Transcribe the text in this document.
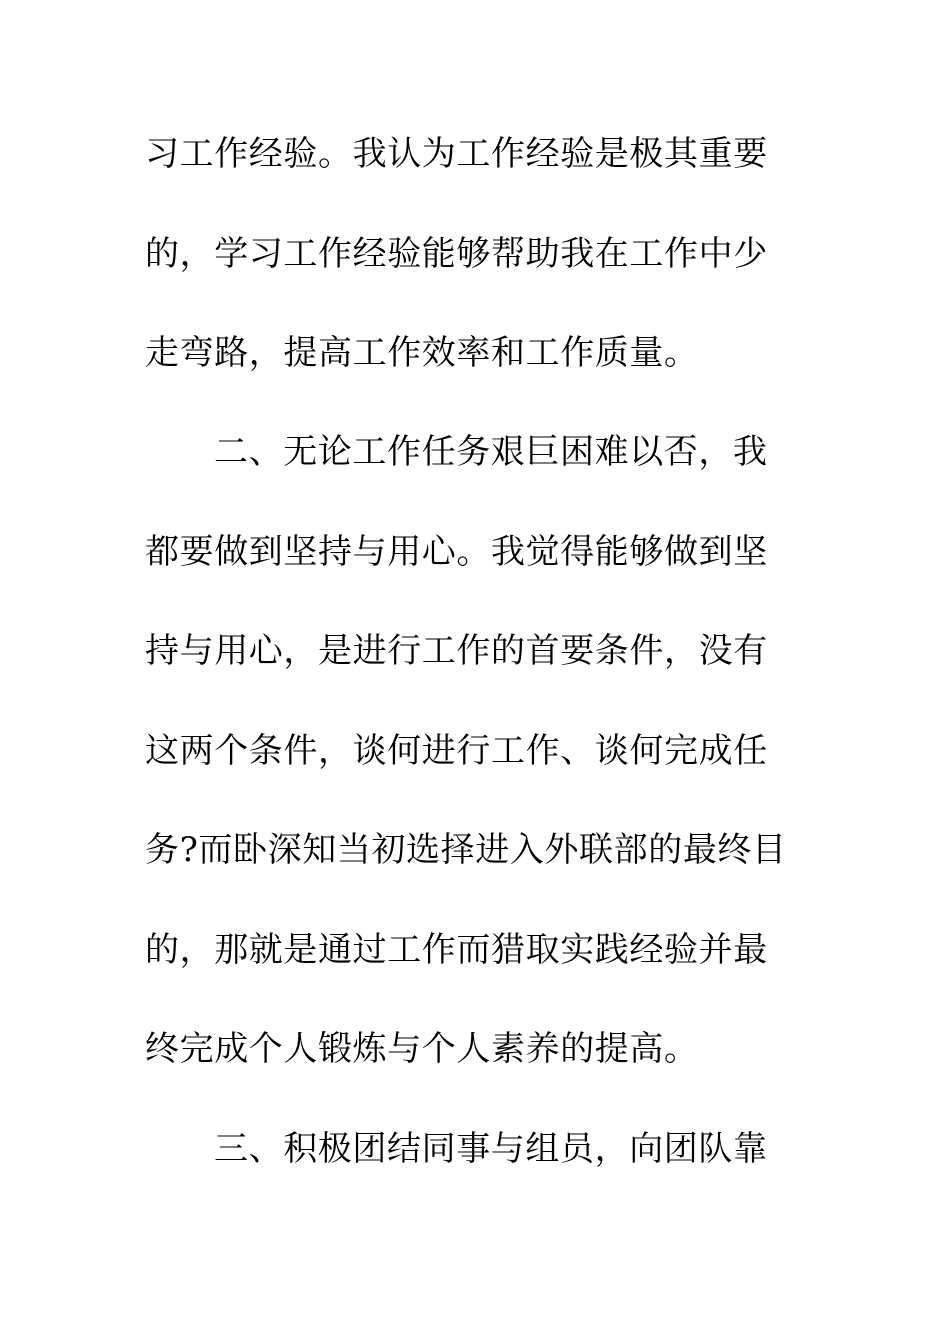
习工作经验。我认为工作经验是极其重要
的，学习工作经验能够帮助我在工作中少
走弯路，提高工作效率和工作质量。
二、无论工作任务艰巨困难以否，我
都要做到坚持与用心。我觉得能够做到坚
持与用心，是进行工作的首要条件，没有
这两个条件，谈何进行工作、谈何完成任
务?而卧深知当初选择进入外联部的最终目
的，那就是通过工作而猎取实践经验并最
终完成个人锻炼与个人素养的提高。
三、积极团结同事与组员，向团队靠
